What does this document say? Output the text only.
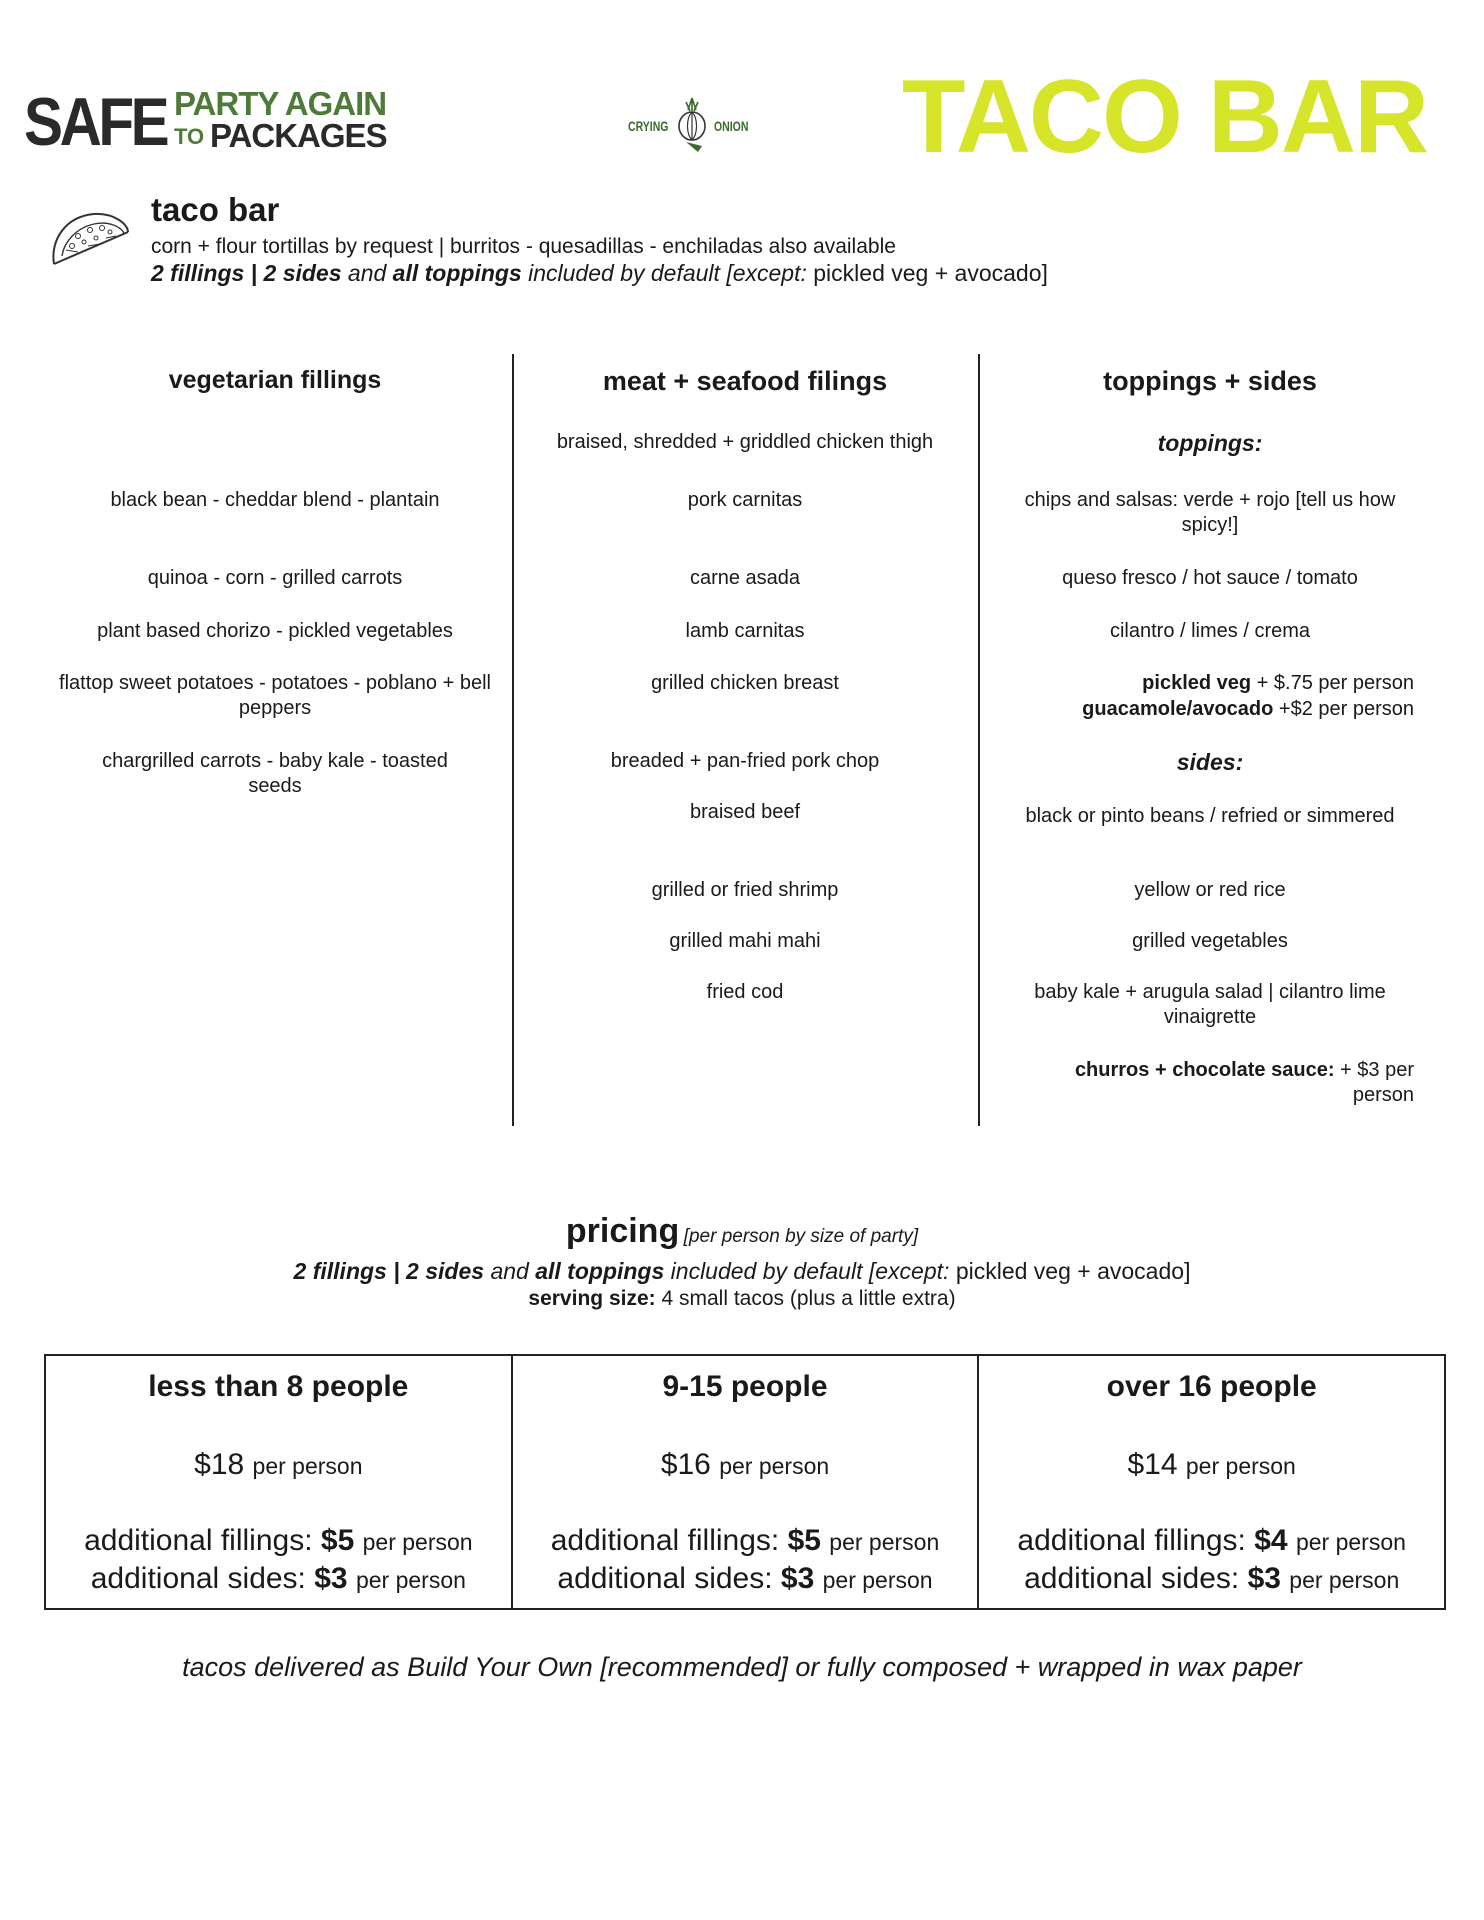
SAFE PARTY AGAIN
TO PACKAGES	CRYING	ONION TACO BAR
taco bar
corn + flour tortillas by request | burritos - quesadillas - enchiladas also available
2 fillings | 2 sides and all toppings included by default [except: pickled veg + avocado]
vegetarian fillings
black bean - cheddar blend - plantain
quinoa - corn - grilled carrots
plant based chorizo - pickled vegetables
flattop sweet potatoes - potatoes - poblano + bell peppers
chargrilled carrots - baby kale - toasted seeds
meat + seafood filings
braised, shredded + griddled chicken thigh
pork carnitas
carne asada
lamb carnitas
grilled chicken breast
breaded + pan-fried pork chop
braised beef
grilled or fried shrimp
grilled mahi mahi
fried cod
toppings + sides
toppings:
chips and salsas: verde + rojo [tell us how spicy!]
queso fresco / hot sauce / tomato
cilantro / limes / crema
pickled veg + $.75 per person
guacamole/avocado +$2 per person
sides:
black or pinto beans / refried or simmered
yellow or red rice
grilled vegetables
baby kale + arugula salad | cilantro lime vinaigrette
churros + chocolate sauce: + $3 per person
pricing [per person by size of party]
2 fillings | 2 sides and all toppings included by default [except: pickled veg + avocado]
serving size: 4 small tacos (plus a little extra)
less than 8 people
$18 per person
additional fillings: $5 per person
additional sides: $3 per person
9-15 people
$16 per person
additional fillings: $5 per person
additional sides: $3 per person
over 16 people
$14 per person
additional fillings: $4 per person
additional sides: $3 per person
tacos delivered as Build Your Own [recommended] or fully composed + wrapped in wax paper
